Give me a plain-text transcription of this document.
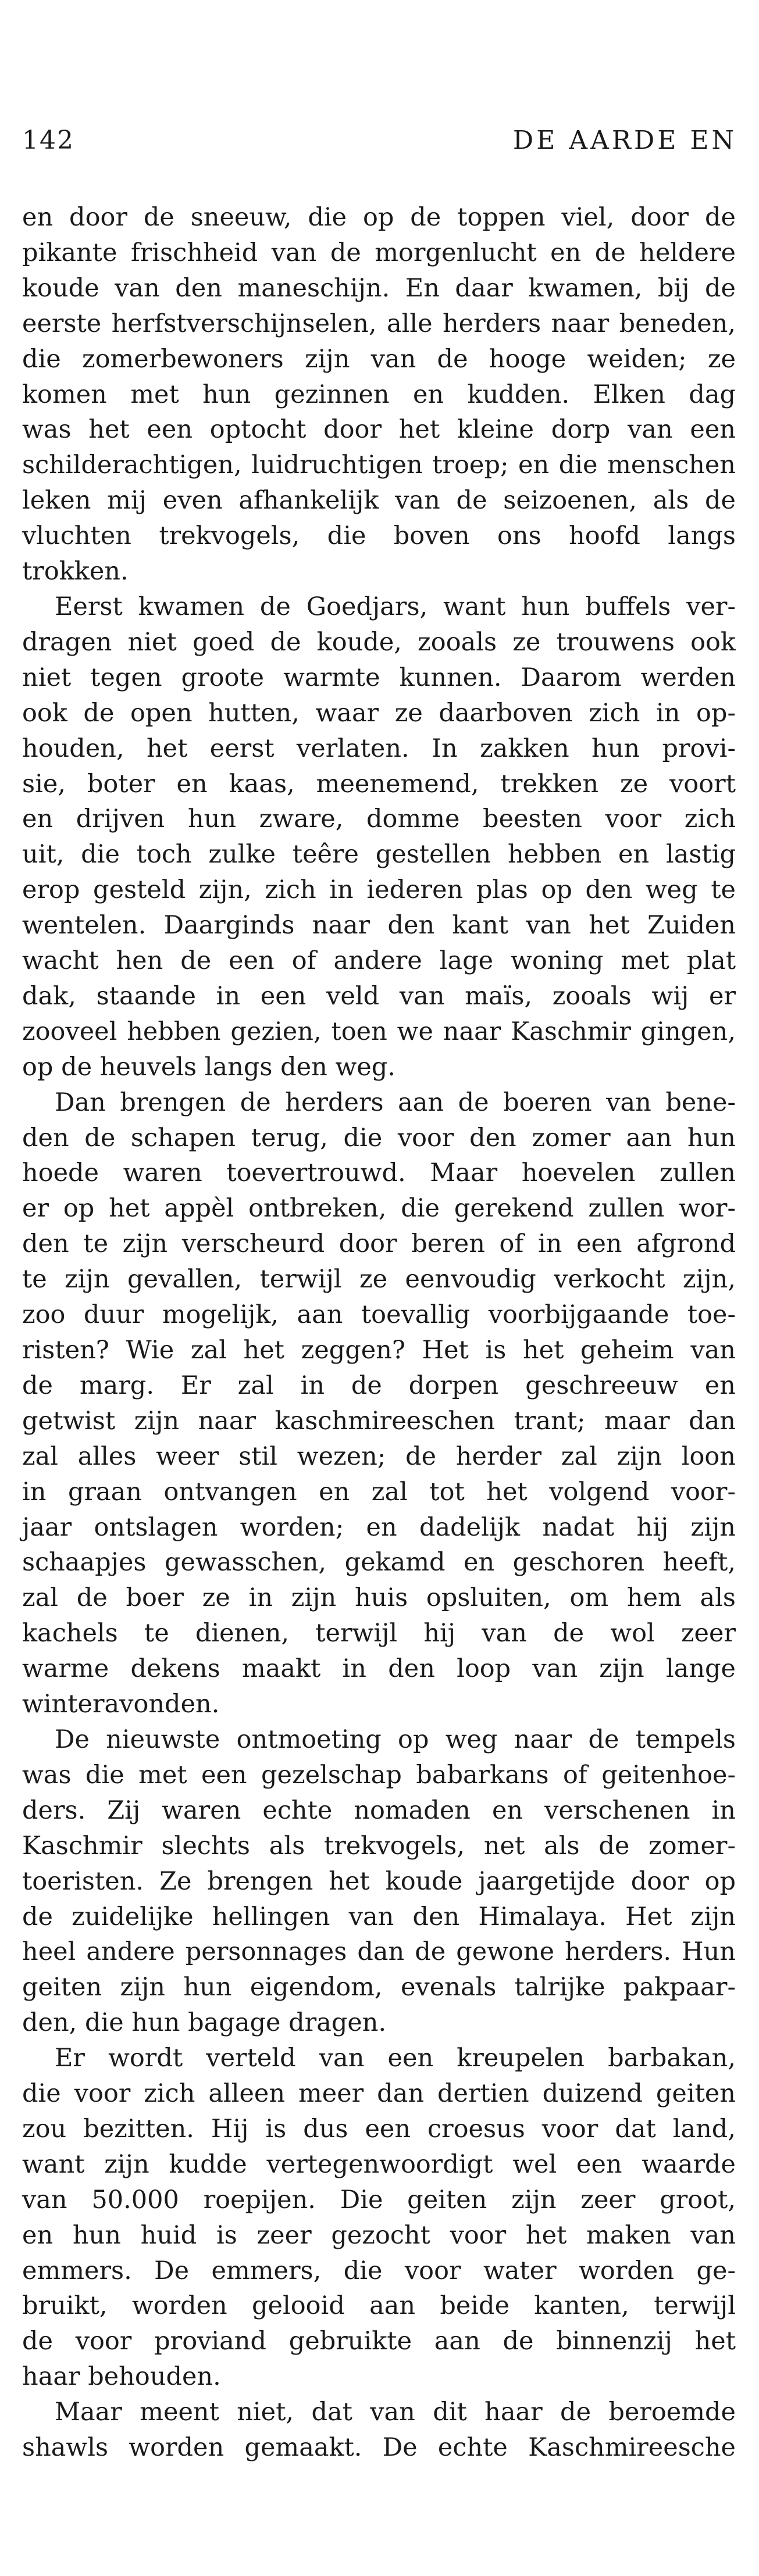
142	DE AARDE EN

en door de sneeuw, die op de toppen viel, door de
pikante frischheid van de morgenlucht en de heldere
koude van den maneschijn. En daar kwamen, bij de
eerste herfstverschijnselen, alle herders naar beneden,
die zomerbewoners zijn van de hooge weiden; ze
komen met hun gezinnen en kudden. Elken dag
was het een optocht door het kleine dorp van een
schilderachtigen, luidruchtigen troep; en die menschen
leken mij even afhankelijk van de seizoenen, als de
vluchten trekvogels, die boven ons hoofd langs
trokken.

Eerst kwamen de Goedjars, want hun buffels ver-
dragen niet goed de koude, zooals ze trouwens ook
niet tegen groote warmte kunnen. Daarom werden
ook de open hutten, waar ze daarboven zich in op-
houden, het eerst verlaten. In zakken hun provi-
sie, boter en kaas, meenemend, trekken ze voort
en drijven hun zware, domme beesten voor zich
uit, die toch zulke teêre gestellen hebben en lastig
erop gesteld zijn, zich in iederen plas op den weg te
wentelen. Daarginds naar den kant van het Zuiden
wacht hen de een of andere lage woning met plat
dak, staande in een veld van maïs, zooals wij er
zooveel hebben gezien, toen we naar Kaschmir gingen,
op de heuvels langs den weg.

Dan brengen de herders aan de boeren van bene-
den de schapen terug, die voor den zomer aan hun
hoede waren toevertrouwd. Maar hoevelen zullen
er op het appèl ontbreken, die gerekend zullen wor-
den te zijn verscheurd door beren of in een afgrond
te zijn gevallen, terwijl ze eenvoudig verkocht zijn,
zoo duur mogelijk, aan toevallig voorbijgaande toe-
risten? Wie zal het zeggen? Het is het geheim van
de marg. Er zal in de dorpen geschreeuw en
getwist zijn naar kaschmireeschen trant; maar dan
zal alles weer stil wezen; de herder zal zijn loon
in graan ontvangen en zal tot het volgend voor-
jaar ontslagen worden; en dadelijk nadat hij zijn
schaapjes gewasschen, gekamd en geschoren heeft,
zal de boer ze in zijn huis opsluiten, om hem als
kachels te dienen, terwijl hij van de wol zeer
warme dekens maakt in den loop van zijn lange
winteravonden.

De nieuwste ontmoeting op weg naar de tempels
was die met een gezelschap babarkans of geitenhoe-
ders. Zij waren echte nomaden en verschenen in
Kaschmir slechts als trekvogels, net als de zomer-
toeristen. Ze brengen het koude jaargetijde door op
de zuidelijke hellingen van den Himalaya. Het zijn
heel andere personnages dan de gewone herders. Hun
geiten zijn hun eigendom, evenals talrijke pakpaar-
den, die hun bagage dragen.

Er wordt verteld van een kreupelen barbakan,
die voor zich alleen meer dan dertien duizend geiten
zou bezitten. Hij is dus een croesus voor dat land,
want zijn kudde vertegenwoordigt wel een waarde
van 50.000 roepijen. Die geiten zijn zeer groot,
en hun huid is zeer gezocht voor het maken van
emmers. De emmers, die voor water worden ge-
bruikt, worden gelooid aan beide kanten, terwijl
de voor proviand gebruikte aan de binnenzij het
haar behouden.

Maar meent niet, dat van dit haar de beroemde
shawls worden gemaakt. De echte Kaschmireesche
